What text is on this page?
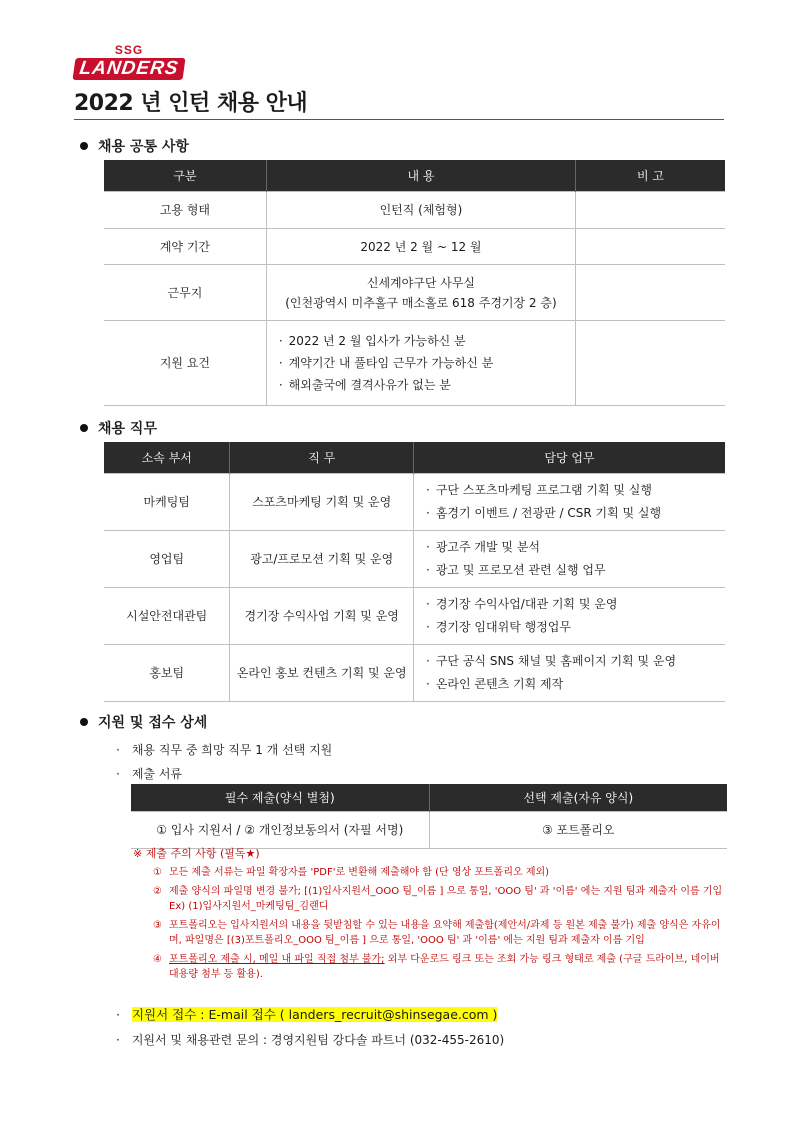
SSG
LANDERS
2022 년 인턴 채용 안내
채용 공통 사항
구분	내 용	비 고
고용 형태	인턴직 (체험형)	
계약 기간	2022 년 2 월 ~ 12 월	
근무지	신세계야구단 사무실
(인천광역시 미추홀구 매소홀로 618 주경기장 2 층)	

지원 요건	· 2022 년 2 월 입사가 가능하신 분
· 계약기간 내 풀타임 근무가 가능하신 분
· 해외출국에 결격사유가 없는 분	

채용 직무
소속 부서	직 무	담당 업무
마케팅팀	스포츠마케팅 기획 및 운영	· 구단 스포츠마케팅 프로그램 기획 및 실행
· 홈경기 이벤트 / 전광판 / CSR 기획 및 실행

영업팀	광고/프로모션 기획 및 운영	· 광고주 개발 및 분석
· 광고 및 프로모션 관련 실행 업무

시설안전대관팀	경기장 수익사업 기획 및 운영	· 경기장 수익사업/대관 기획 및 운영
· 경기장 임대위탁 행정업무

홍보팀	온라인 홍보 컨텐츠 기획 및 운영	· 구단 공식 SNS 채널 및 홈페이지 기획 및 운영
· 온라인 콘텐츠 기획 제작
지원 및 접수 상세
· 채용 직무 중 희망 직무 1 개 선택 지원
· 제출 서류
필수 제출(양식 별첨)	선택 제출(자유 양식)
① 입사 지원서 / ② 개인정보동의서 (자필 서명)	③ 포트폴리오
※ 제출 주의 사항 (필독★)
① 모든 제출 서류는 파일 확장자를 'PDF'로 변환해 제출해야 함 (단 영상 포트폴리오 제외)
② 제출 양식의 파일명 변경 불가; [(1)입사지원서_OOO 팀_이름 ] 으로 통일, 'OOO 팀' 과 '이름' 에는 지원 팀과 제출자 이름 기입
Ex) (1)입사지원서_마케팅팀_김랜디
③ 포트폴리오는 입사지원서의 내용을 뒷받침할 수 있는 내용을 요약해 제출함(제안서/과제 등 원본 제출 불가) 제출 양식은 자유이며, 파일명은 [(3)포트폴리오_OOO 팀_이름 ] 으로 통일, 'OOO 팀' 과 '이름' 에는 지원 팀과 제출자 이름 기입
④ 포트폴리오 제출 시, 메일 내 파일 직접 첨부 불가; 외부 다운로드 링크 또는 조회 가능 링크 형태로 제출 (구글 드라이브, 네이버 대용량 첨부 등 활용).
· 지원서 접수 : E-mail 접수 ( landers_recruit@shinsegae.com )
· 지원서 및 채용관련 문의 : 경영지원팀 강다솔 파트너 (032-455-2610)
